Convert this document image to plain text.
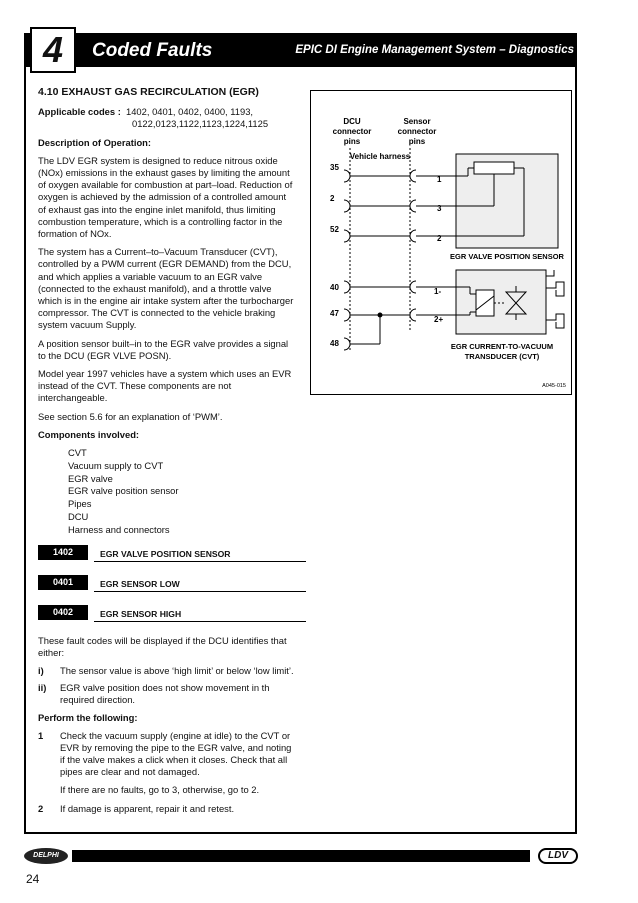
4	Coded Faults	EPIC DI Engine Management System – Diagnostics
4.10 EXHAUST GAS RECIRCULATION (EGR)
Applicable codes : 1402, 0401, 0402, 0400, 1193,
0122,0123,1122,1123,1224,1125

Description of Operation:

The LDV EGR system is designed to reduce nitrous oxide (NOx) emissions in the exhaust gases by limiting the amount of oxygen available for combustion at part–load. Reduction of oxygen is achieved by the admission of a controlled amount of exhaust gas into the engine inlet manifold, thus limiting combustion temperature, which is a controlling factor in the formation of NOx.

The system has a Current–to–Vacuum Transducer (CVT), controlled by a PWM current (EGR DEMAND) from the DCU, and which applies a variable vacuum to an EGR valve (connected to the exhaust manifold), and a throttle valve which is in the engine air intake system after the turbocharger compressor. The CVT is connected to the vehicle braking system vacuum Supply.

A position sensor built–in to the EGR valve provides a signal to the DCU (EGR VLVE POSN).

Model year 1997 vehicles have a system which uses an EVR instead of the CVT. These components are not interchangeable.

See section 5.6 for an explanation of ‘PWM’.

Components involved:

CVT
Vacuum supply to CVT
EGR valve
EGR valve position sensor
Pipes
DCU
Harness and connectors
1402	EGR VALVE POSITION SENSOR
0401	EGR SENSOR LOW
0402	EGR SENSOR HIGH

These fault codes will be displayed if the DCU identifies that either:

i)	The sensor value is above ‘high limit’ or below ‘low limit’.
ii)	EGR valve position does not show movement in th required direction.

Perform the following:

1	Check the vacuum supply (engine at idle) to the CVT or EVR by removing the pipe to the EGR valve, and noting if the valve makes a click when it closes. Check that all pipes are clear and not damaged.
If there are no faults, go to 3, otherwise, go to 2.
2	If damage is apparent, repair it and retest.
DCU
connector
pins
Sensor
connector
pins
Vehicle harness
35
2
52
40
47
48
1
3
2
EGR VALVE POSITION SENSOR
1-
2+
EGR CURRENT-TO-VACUUM
TRANSDUCER (CVT)
A045-015
DELPHI	LDV
24
